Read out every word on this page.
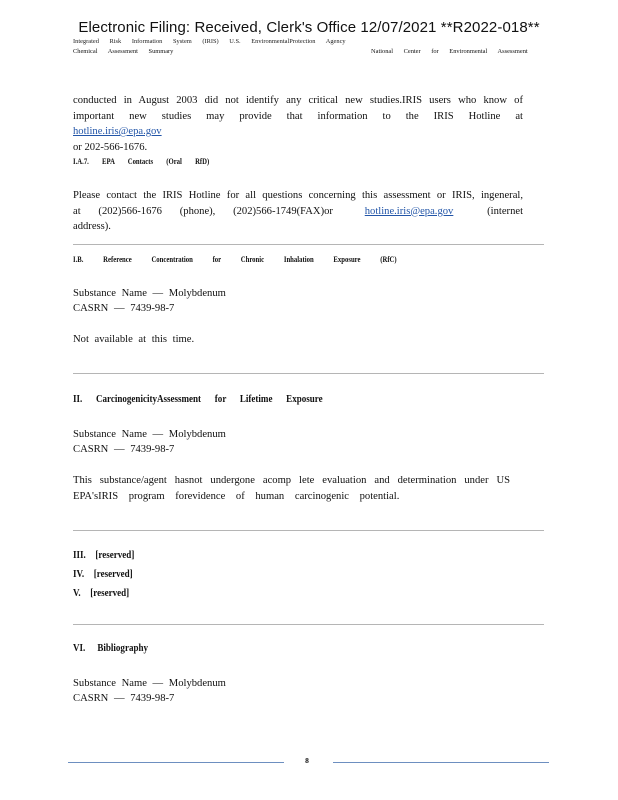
Electronic Filing: Received, Clerk's Office 12/07/2021 **R2022-018**
Integrated Risk Information System (IRIS) U.S. EnvironmentalProtection Agency
Chemical Assessment Summary	National Center for Environmental Assessment
conducted in August 2003 did not identify any critical new studies.IRIS users who know of
important new studies may provide that information to the IRIS Hotline at hotline.iris@epa.gov
or 202-566-1676.
I.A.7. EPA Contacts (Oral RfD)
Please contact the IRIS Hotline for all questions concerning this assessment or IRIS, ingeneral,
at (202)566-1676 (phone), (202)566-1749(FAX)or	hotline.iris@epa.gov	(internet address).
I.B. Reference Concentration for Chronic Inhalation Exposure (RfC)
Substance Name — Molybdenum
CASRN — 7439-98-7
Not available at this time.
II. CarcinogenicityAssessment for Lifetime Exposure
Substance Name — Molybdenum
CASRN — 7439-98-7
This substance/agent hasnot undergone acomp lete evaluation and determination under US
EPA'sIRIS program forevidence of human carcinogenic potential.
III. [reserved]
IV. [reserved]
V. [reserved]
VI. Bibliography
Substance Name — Molybdenum
CASRN — 7439-98-7
8
